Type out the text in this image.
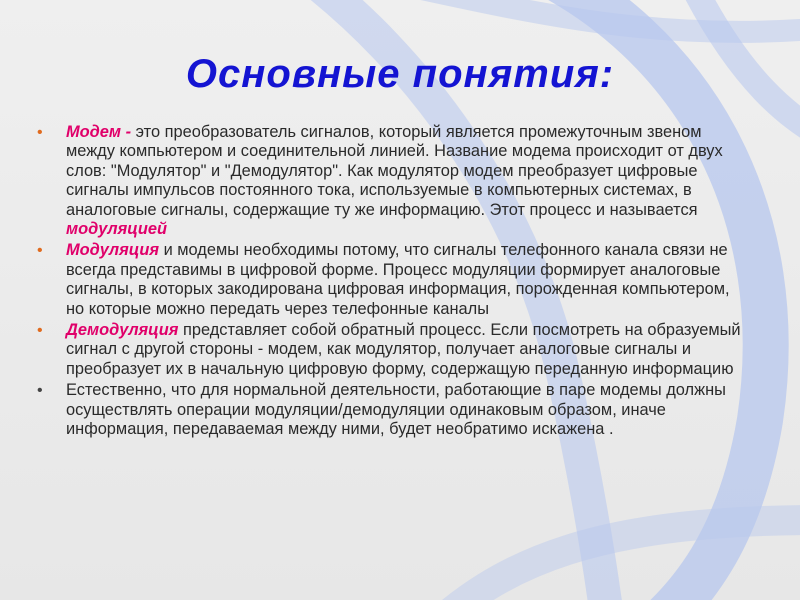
Основные понятия:
• Модем - это преобразователь сигналов, который является промежуточным звеном между компьютером и соединительной линией. Название модема происходит от двух слов: "Модулятор" и "Демодулятор". Как модулятор модем преобразует цифровые сигналы импульсов постоянного тока, используемые в компьютерных системах, в аналоговые сигналы, содержащие ту же информацию. Этот процесс и называется модуляцией
• Модуляция и модемы необходимы потому, что сигналы телефонного канала связи не всегда представимы в цифровой форме. Процесс модуляции формирует аналоговые сигналы, в которых закодирована цифровая информация, порожденная компьютером, но которые можно передать через телефонные каналы
• Демодуляция представляет собой обратный процесс. Если посмотреть на образуемый сигнал с другой стороны - модем, как модулятор, получает аналоговые сигналы и преобразует их в начальную цифровую форму, содержащую переданную информацию
• Естественно, что для нормальной деятельности, работающие в паре модемы должны осуществлять операции модуляции/демодуляции одинаковым образом, иначе информация, передаваемая между ними, будет необратимо искажена .
